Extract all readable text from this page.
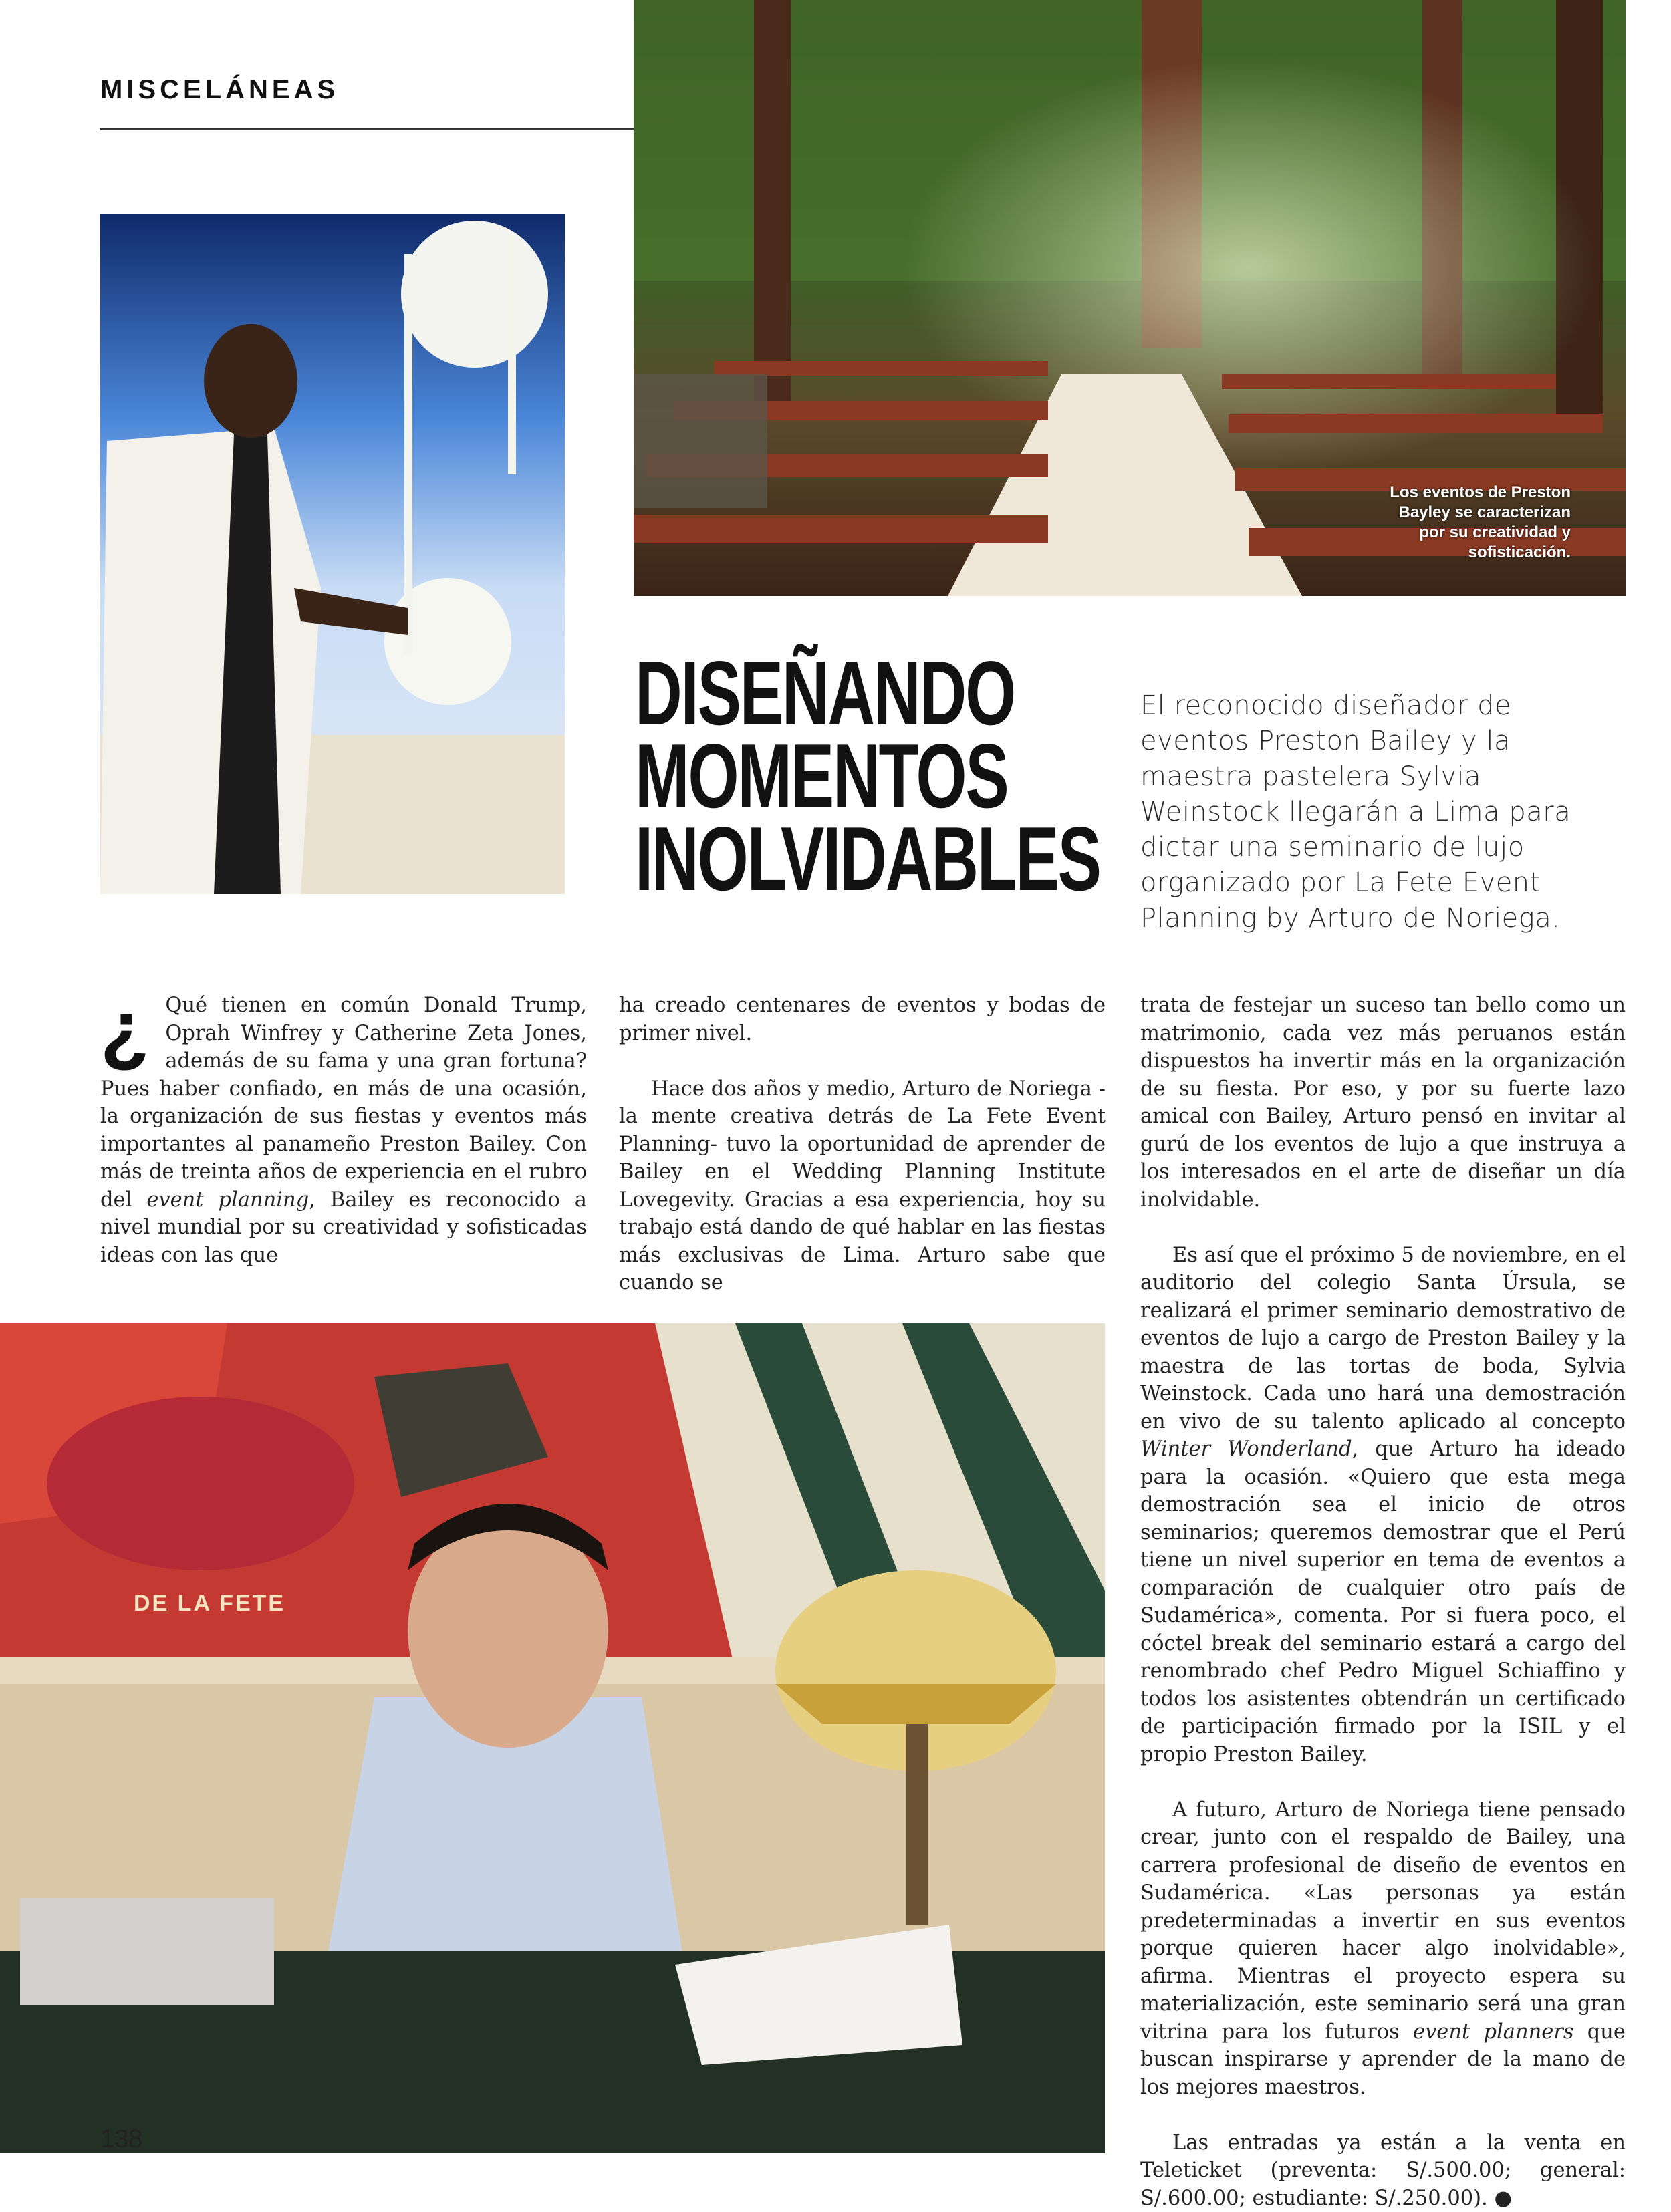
MISCELÁNEAS
Los eventos de Preston Bayley se caracterizan por su creatividad y sofisticación.
DISEÑANDO
MOMENTOS
INOLVIDABLES
El reconocido diseñador de eventos Preston Bailey y la maestra pastelera Sylvia Weinstock llegarán a Lima para dictar una seminario de lujo organizado por La Fete Event Planning by Arturo de Noriega.

¿ Qué tienen en común Donald Trump, Oprah Winfrey y Catherine Zeta Jones, además de su fama y una gran fortuna? Pues haber confiado, en más de una ocasión, la organización de sus fiestas y eventos más importantes al panameño Preston Bailey. Con más de treinta años de experiencia en el rubro del event planning, Bailey es reconocido a nivel mundial por su creatividad y sofisticadas ideas con las que

ha creado centenares de eventos y bodas de primer nivel.

Hace dos años y medio, Arturo de Noriega -la mente creativa detrás de La Fete Event Planning- tuvo la oportunidad de aprender de Bailey en el Wedding Planning Institute Lovegevity. Gracias a esa experiencia, hoy su trabajo está dando de qué hablar en las fiestas más exclusivas de Lima. Arturo sabe que cuando se

DE LA FETE

trata de festejar un suceso tan bello como un matrimonio, cada vez más peruanos están dispuestos ha invertir más en la organización de su fiesta. Por eso, y por su fuerte lazo amical con Bailey, Arturo pensó en invitar al gurú de los eventos de lujo a que instruya a los interesados en el arte de diseñar un día inolvidable.

Es así que el próximo 5 de noviembre, en el auditorio del colegio Santa Úrsula, se realizará el primer seminario demostrativo de eventos de lujo a cargo de Preston Bailey y la maestra de las tortas de boda, Sylvia Weinstock. Cada uno hará una demostración en vivo de su talento aplicado al concepto Winter Wonderland, que Arturo ha ideado para la ocasión. «Quiero que esta mega demostración sea el inicio de otros seminarios; queremos demostrar que el Perú tiene un nivel superior en tema de eventos a comparación de cualquier otro país de Sudamérica», comenta. Por si fuera poco, el cóctel break del seminario estará a cargo del renombrado chef Pedro Miguel Schiaffino y todos los asistentes obtendrán un certificado de participación firmado por la ISIL y el propio Preston Bailey.

A futuro, Arturo de Noriega tiene pensado crear, junto con el respaldo de Bailey, una carrera profesional de diseño de eventos en Sudamérica. «Las personas ya están predeterminadas a invertir en sus eventos porque quieren hacer algo inolvidable», afirma. Mientras el proyecto espera su materialización, este seminario será una gran vitrina para los futuros event planners que buscan inspirarse y aprender de la mano de los mejores maestros.

Las entradas ya están a la venta en Teleticket (preventa: S/.500.00; general: S/.600.00; estudiante: S/.250.00). ●

138
